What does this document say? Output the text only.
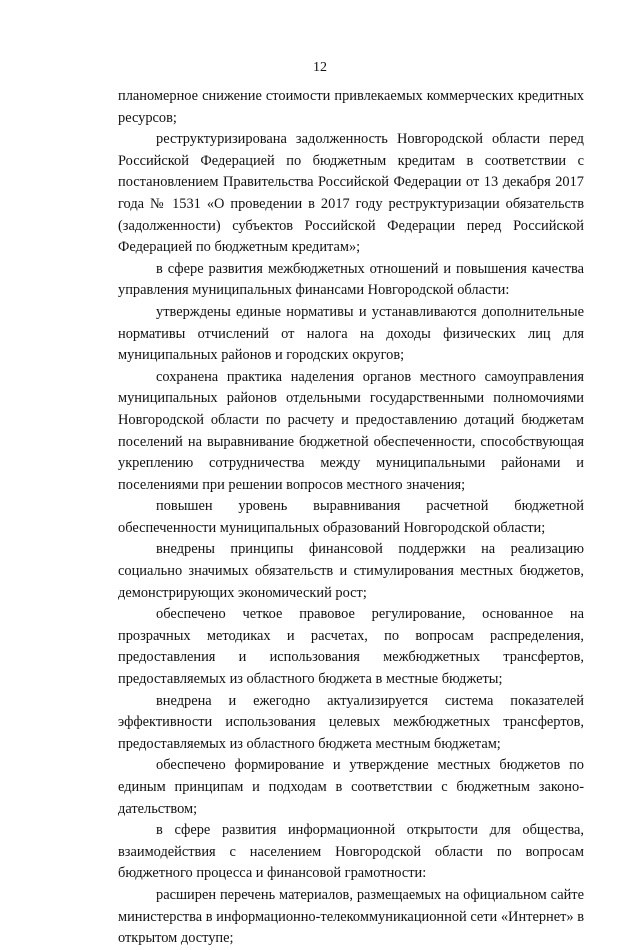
12

планомерное снижение стоимости привлекаемых коммерческих кредитных ресурсов;

реструктуризирована задолженность Новгородской области перед Российской Федерацией по бюджетным кредитам в соответствии с постановлением Правительства Российской Федерации от 13 декабря 2017 года № 1531 «О проведении в 2017 году реструктуризации обязательств (задолженности) субъектов Российской Федерации перед Российской Федерацией по бюджетным кредитам»;

в сфере развития межбюджетных отношений и повышения качества управления муниципальных финансами Новгородской области:

утверждены единые нормативы и устанавливаются дополнительные нормативы отчислений от налога на доходы физических лиц для муниципальных районов и городских округов;

сохранена практика наделения органов местного самоуправления муниципальных районов отдельными государственными полномочиями Новгородской области по расчету и предоставлению дотаций бюджетам поселений на выравнивание бюджетной обеспеченности, способствующая укреплению сотрудничества между муниципальными районами и поселениями при решении вопросов местного значения;

повышен уровень выравнивания расчетной бюджетной обеспеченности муниципальных образований Новгородской области;

внедрены принципы финансовой поддержки на реализацию социально значимых обязательств и стимулирования местных бюджетов, демонстрирующих экономический рост;

обеспечено четкое правовое регулирование, основанное на прозрачных методиках и расчетах, по вопросам распределения, предоставления и использования межбюджетных трансфертов, предоставляемых из областного бюджета в местные бюджеты;

внедрена и ежегодно актуализируется система показателей эффективности использования целевых межбюджетных трансфертов, предоставляемых из областного бюджета местным бюджетам;

обеспечено формирование и утверждение местных бюджетов по единым принципам и подходам в соответствии с бюджетным законодательством;

в сфере развития информационной открытости для общества, взаимодействия с населением Новгородской области по вопросам бюджетного процесса и финансовой грамотности:

расширен перечень материалов, размещаемых на официальном сайте министерства в информационно-телекоммуникационной сети «Интернет» в открытом доступе;
